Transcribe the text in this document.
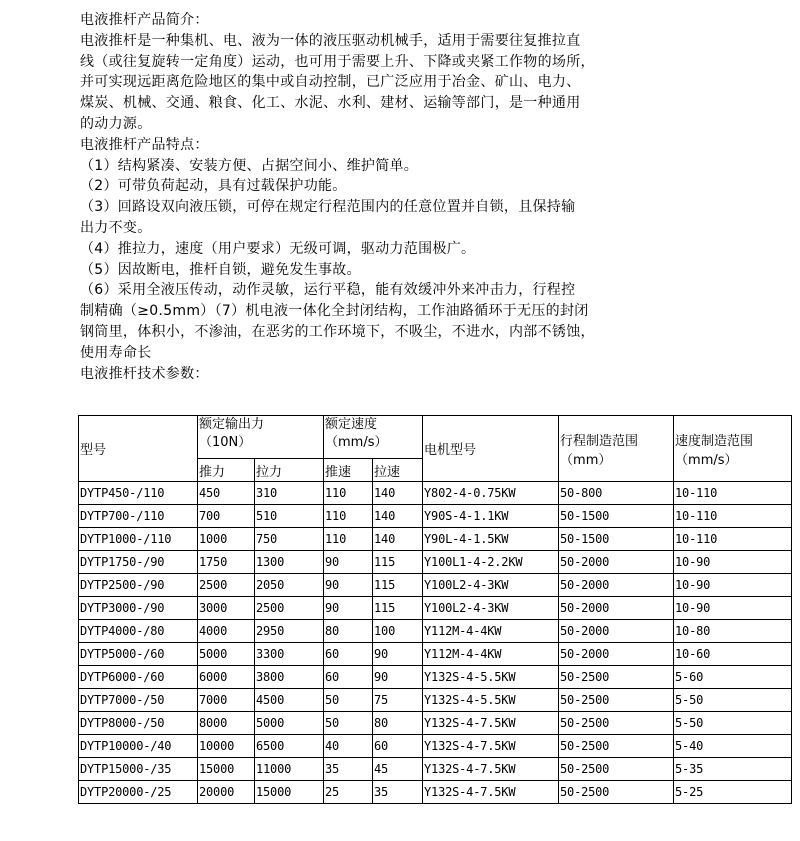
电液推杆产品简介：
电液推杆是一种集机、电、液为一体的液压驱动机械手，适用于需要往复推拉直
线（或往复旋转一定角度）运动，也可用于需要上升、下降或夹紧工作物的场所，
并可实现远距离危险地区的集中或自动控制，已广泛应用于冶金、矿山、电力、
煤炭、机械、交通、粮食、化工、水泥、水利、建材、运输等部门，是一种通用
的动力源。
电液推杆产品特点：
（1）结构紧凑、安装方便、占据空间小、维护简单。
（2）可带负荷起动，具有过载保护功能。
（3）回路设双向液压锁，可停在规定行程范围内的任意位置并自锁，且保持输
出力不变。
（4）推拉力，速度（用户要求）无级可调，驱动力范围极广。
（5）因故断电，推杆自锁，避免发生事故。
（6）采用全液压传动，动作灵敏，运行平稳，能有效缓冲外来冲击力，行程控
制精确（≥0.5mm）（7）机电液一体化全封闭结构，工作油路循环于无压的封闭
钢筒里，体积小，不渗油，在恶劣的工作环境下，不吸尘，不进水，内部不锈蚀，
使用寿命长
电液推杆技术参数：
型号	额定输出力
（10N）		额定速度
（mm/s）		电机型号	行程制造范围
（mm）	速度制造范围
（mm/s）

	推力	拉力	推速	拉速			
DYTP450-/110	450	310	110	140	Y802-4-0.75KW	50-800	10-110
DYTP700-/110	700	510	110	140	Y90S-4-1.1KW	50-1500	10-110
DYTP1000-/110	1000	750	110	140	Y90L-4-1.5KW	50-1500	10-110
DYTP1750-/90	1750	1300	90	115	Y100L1-4-2.2KW	50-2000	10-90
DYTP2500-/90	2500	2050	90	115	Y100L2-4-3KW	50-2000	10-90
DYTP3000-/90	3000	2500	90	115	Y100L2-4-3KW	50-2000	10-90
DYTP4000-/80	4000	2950	80	100	Y112M-4-4KW	50-2000	10-80
DYTP5000-/60	5000	3300	60	90	Y112M-4-4KW	50-2000	10-60
DYTP6000-/60	6000	3800	60	90	Y132S-4-5.5KW	50-2500	5-60
DYTP7000-/50	7000	4500	50	75	Y132S-4-5.5KW	50-2500	5-50
DYTP8000-/50	8000	5000	50	80	Y132S-4-7.5KW	50-2500	5-50
DYTP10000-/40	10000	6500	40	60	Y132S-4-7.5KW	50-2500	5-40
DYTP15000-/35	15000	11000	35	45	Y132S-4-7.5KW	50-2500	5-35
DYTP20000-/25	20000	15000	25	35	Y132S-4-7.5KW	50-2500	5-25
